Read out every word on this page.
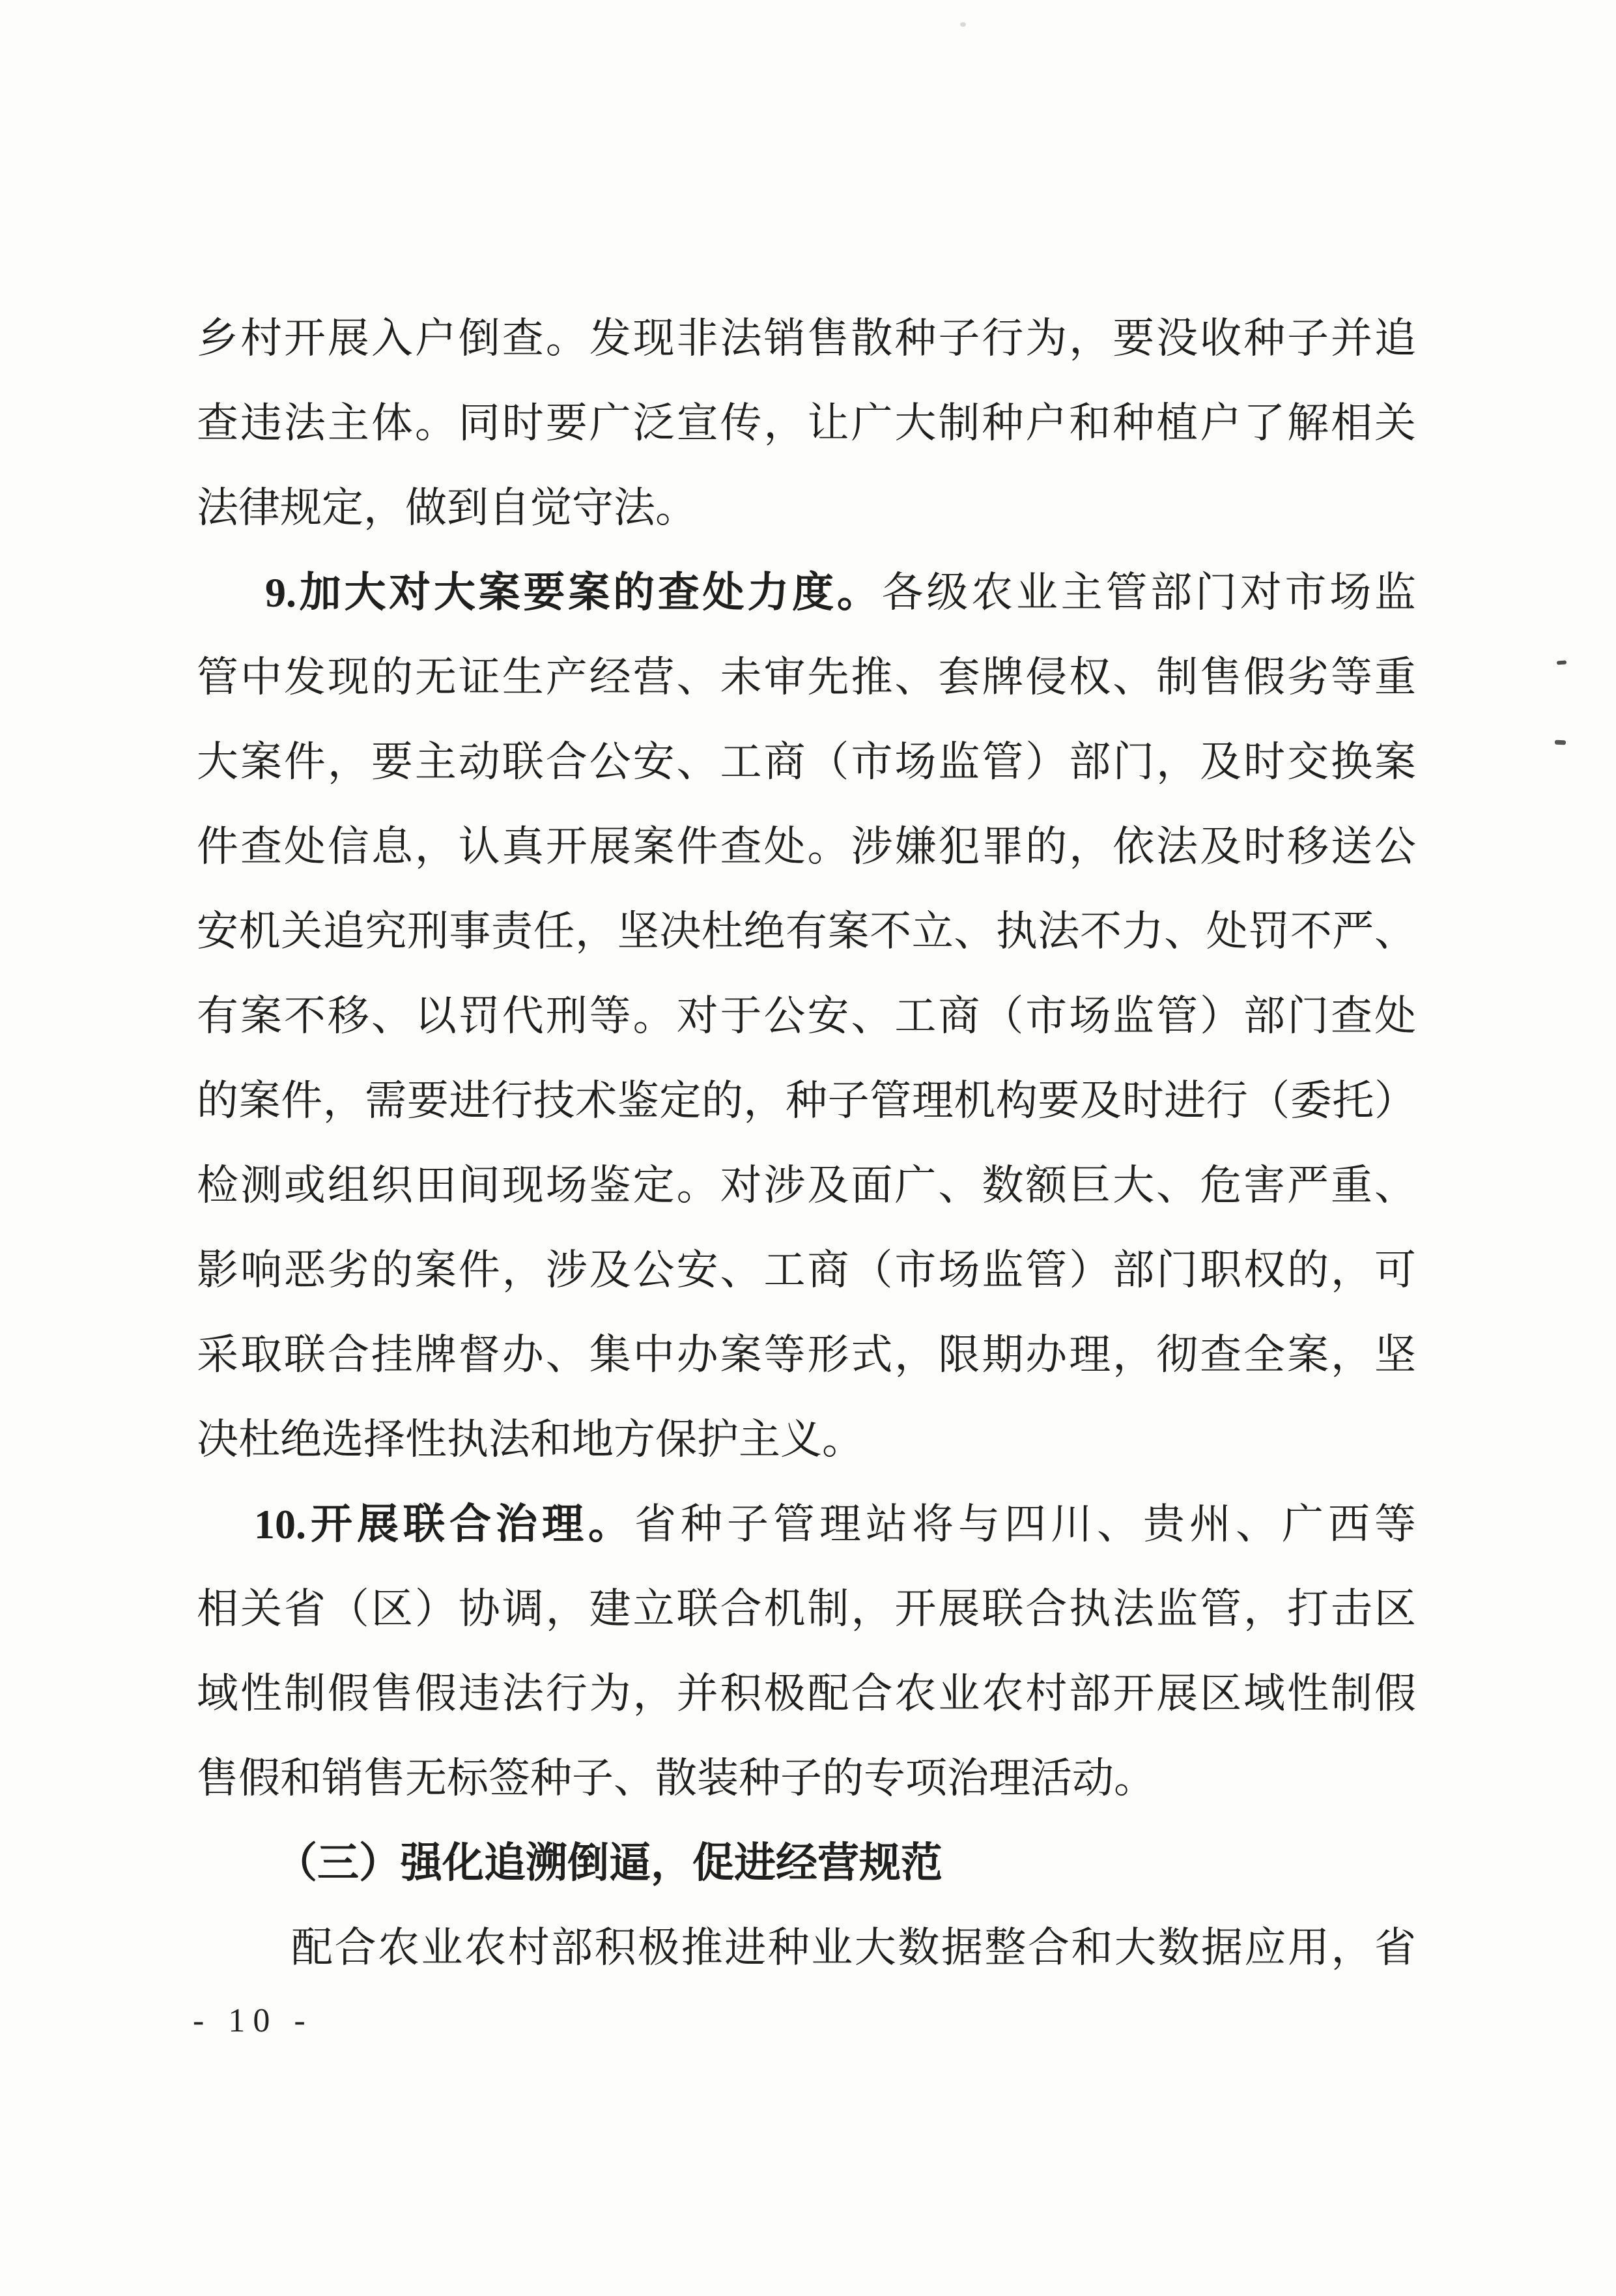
乡村开展入户倒查。发现非法销售散种子行为，要没收种子并追
查违法主体。同时要广泛宣传，让广大制种户和种植户了解相关
法律规定，做到自觉守法。
9.加大对大案要案的查处力度。各级农业主管部门对市场监
管中发现的无证生产经营、未审先推、套牌侵权、制售假劣等重
大案件，要主动联合公安、工商（市场监管）部门，及时交换案
件查处信息，认真开展案件查处。涉嫌犯罪的，依法及时移送公
安机关追究刑事责任，坚决杜绝有案不立、执法不力、处罚不严、
有案不移、以罚代刑等。对于公安、工商（市场监管）部门查处
的案件，需要进行技术鉴定的，种子管理机构要及时进行（委托）
检测或组织田间现场鉴定。对涉及面广、数额巨大、危害严重、
影响恶劣的案件，涉及公安、工商（市场监管）部门职权的，可
采取联合挂牌督办、集中办案等形式，限期办理，彻查全案，坚
决杜绝选择性执法和地方保护主义。
10.开展联合治理。省种子管理站将与四川、贵州、广西等
相关省（区）协调，建立联合机制，开展联合执法监管，打击区
域性制假售假违法行为，并积极配合农业农村部开展区域性制假
售假和销售无标签种子、散装种子的专项治理活动。
（三）强化追溯倒逼，促进经营规范
配合农业农村部积极推进种业大数据整合和大数据应用，省
- 10 -
